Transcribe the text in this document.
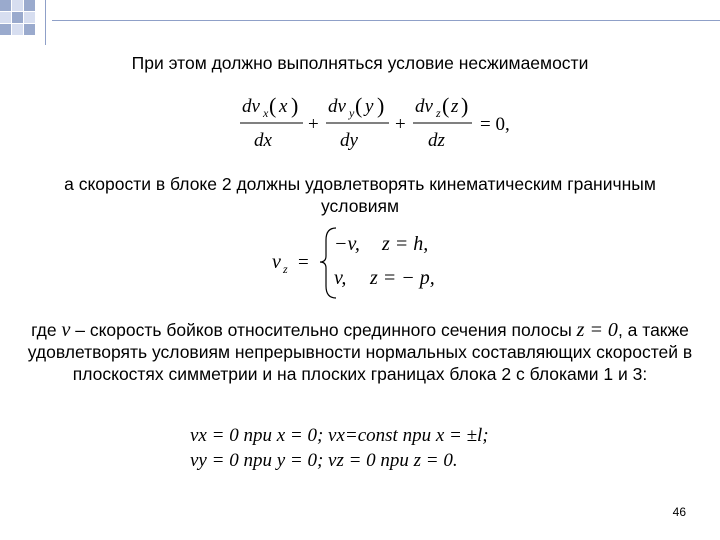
При этом должно выполняться условие несжимаемости
dv x ( x )
dx
+
dv y ( y )
dy
+
dv z ( z )
dz
= 0,
а скорости в блоке 2 должны удовлетворять кинематическим граничным условиям
v z =
−v, z = h,
v, z = − p,
где v – скорость бойков относительно срединного сечения полосы z = 0, а также удовлетворять условиям непрерывности нормальных составляющих скоростей в плоскостях симметрии и на плоских границах блока 2 с блоками 1 и 3:
vx = 0 при x = 0; vx=const при x = ±l;
vy = 0 при y = 0; vz = 0 при z = 0.
46
